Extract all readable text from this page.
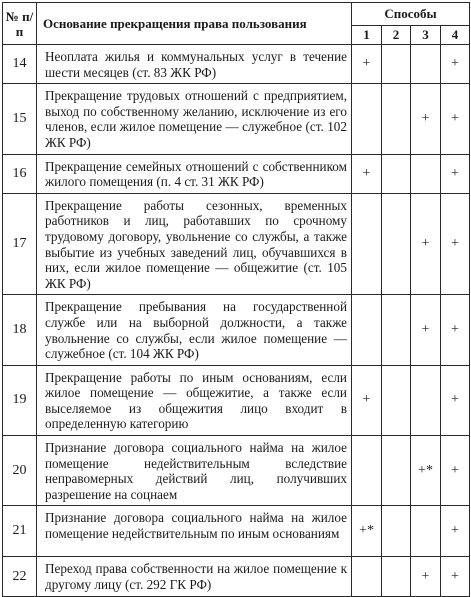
№ п/п	Основание прекращения права пользования	Способы			
		1	2	3	4
14	Неоплата жилья и коммунальных услуг в течение шести месяцев (ст. 83 ЖК РФ)	+			+
15	Прекращение трудовых отношений с предприятием, выход по собственному желанию, исключение из его членов, если жилое помещение — служебное (ст. 102 ЖК РФ)			+	+
16	Прекращение семейных отношений с собственником жилого помещения (п. 4 ст. 31 ЖК РФ)	+			+
17	Прекращение работы сезонных, временных работников и лиц, работавших по срочному трудовому договору, увольнение со службы, а также выбытие из учебных заведений лиц, обучавшихся в них, если жилое помещение — общежитие (ст. 105 ЖК РФ)			+	+
18	Прекращение пребывания на государственной службе или на выборной должности, а также увольнение со службы, если жилое помещение — служебное (ст. 104 ЖК РФ)			+	+
19	Прекращение работы по иным основаниям, если жилое помещение — общежитие, а также если выселяемое из общежития лицо входит в определенную категорию	+			+
20	Признание договора социального найма на жилое помещение недействительным вследствие неправомерных действий лиц, получивших разрешение на соцнаем			+*	+
21	Признание договора социального найма на жилое помещение недействительным по иным основаниям	+*			+
22	Переход права собственности на жилое помещение к другому лицу (ст. 292 ГК РФ)			+	+
